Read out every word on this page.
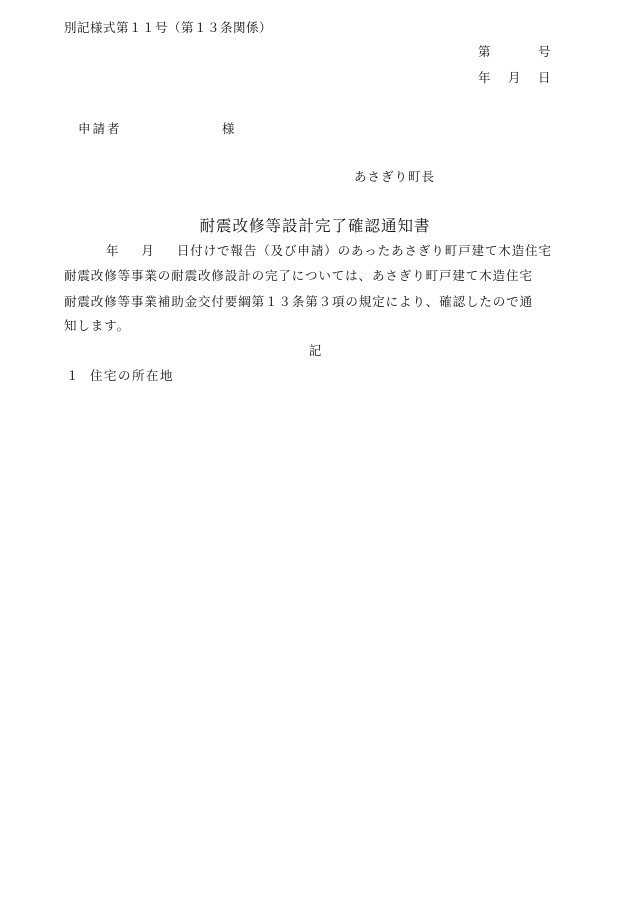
別記様式第１１号（第１３条関係）
第	号
年 月 日
申請者	様
あさぎり町長
耐震改修等設計完了確認通知書
年 月 日付けで報告（及び申請）のあったあさぎり町戸建て木造住宅
耐震改修等事業の耐震改修設計の完了については、あさぎり町戸建て木造住宅
耐震改修等事業補助金交付要綱第１３条第３項の規定により、確認したので通
知します。
記
１ 住宅の所在地
